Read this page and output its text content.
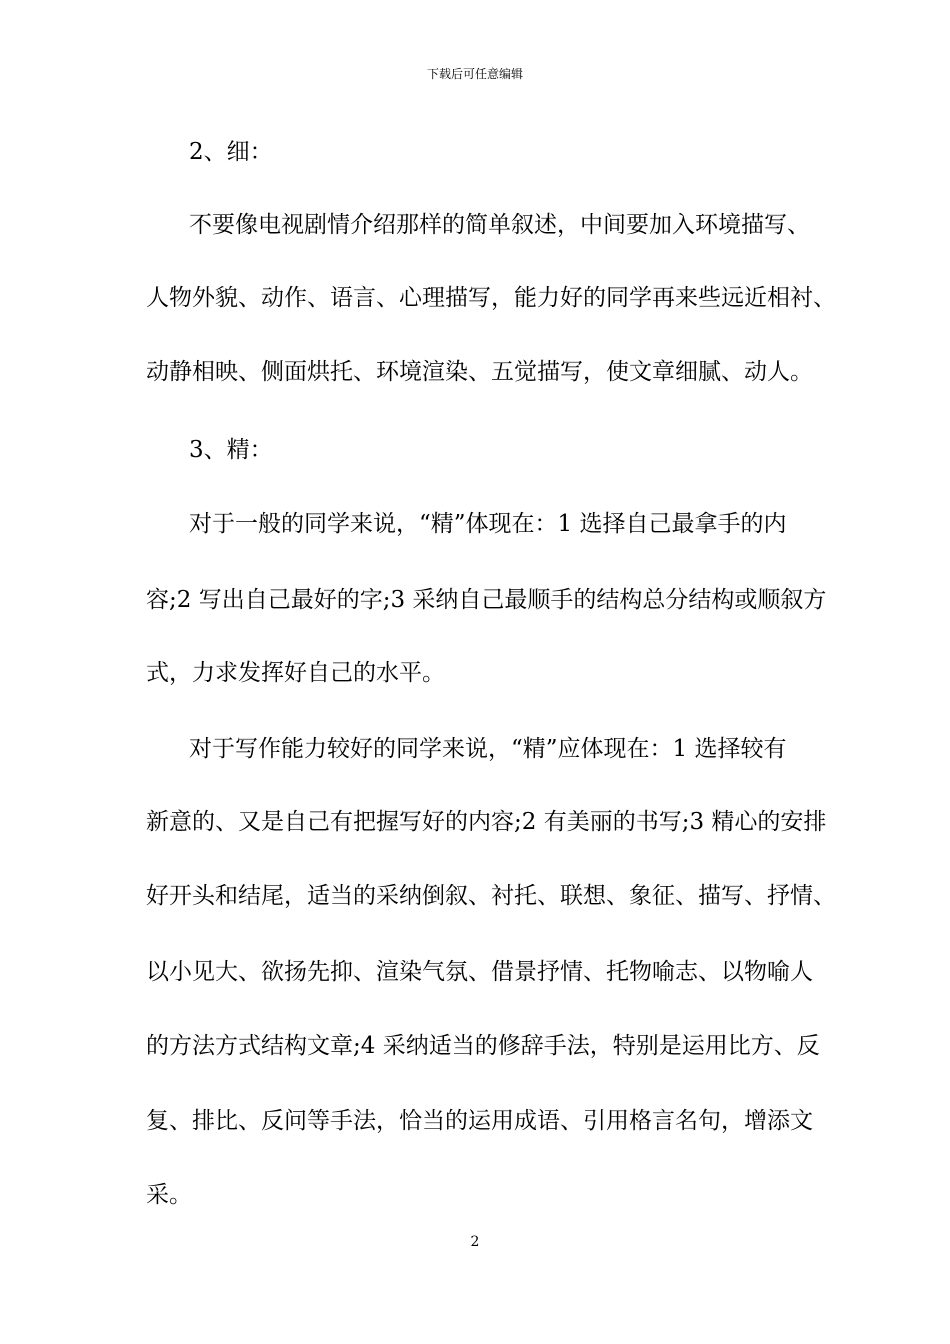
下载后可任意编辑
2、细：
不要像电视剧情介绍那样的简单叙述，中间要加入环境描写、
人物外貌、动作、语言、心理描写，能力好的同学再来些远近相衬、
动静相映、侧面烘托、环境渲染、五觉描写，使文章细腻、动人。
3、精：
对于一般的同学来说，“精”体现在：1 选择自己最拿手的内
容;2 写出自己最好的字;3 采纳自己最顺手的结构总分结构或顺叙方
式，力求发挥好自己的水平。
对于写作能力较好的同学来说，“精”应体现在：1 选择较有
新意的、又是自己有把握写好的内容;2 有美丽的书写;3 精心的安排
好开头和结尾，适当的采纳倒叙、衬托、联想、象征、描写、抒情、
以小见大、欲扬先抑、渲染气氛、借景抒情、托物喻志、以物喻人
的方法方式结构文章;4 采纳适当的修辞手法，特别是运用比方、反
复、排比、反问等手法，恰当的运用成语、引用格言名句，增添文
采。
2
